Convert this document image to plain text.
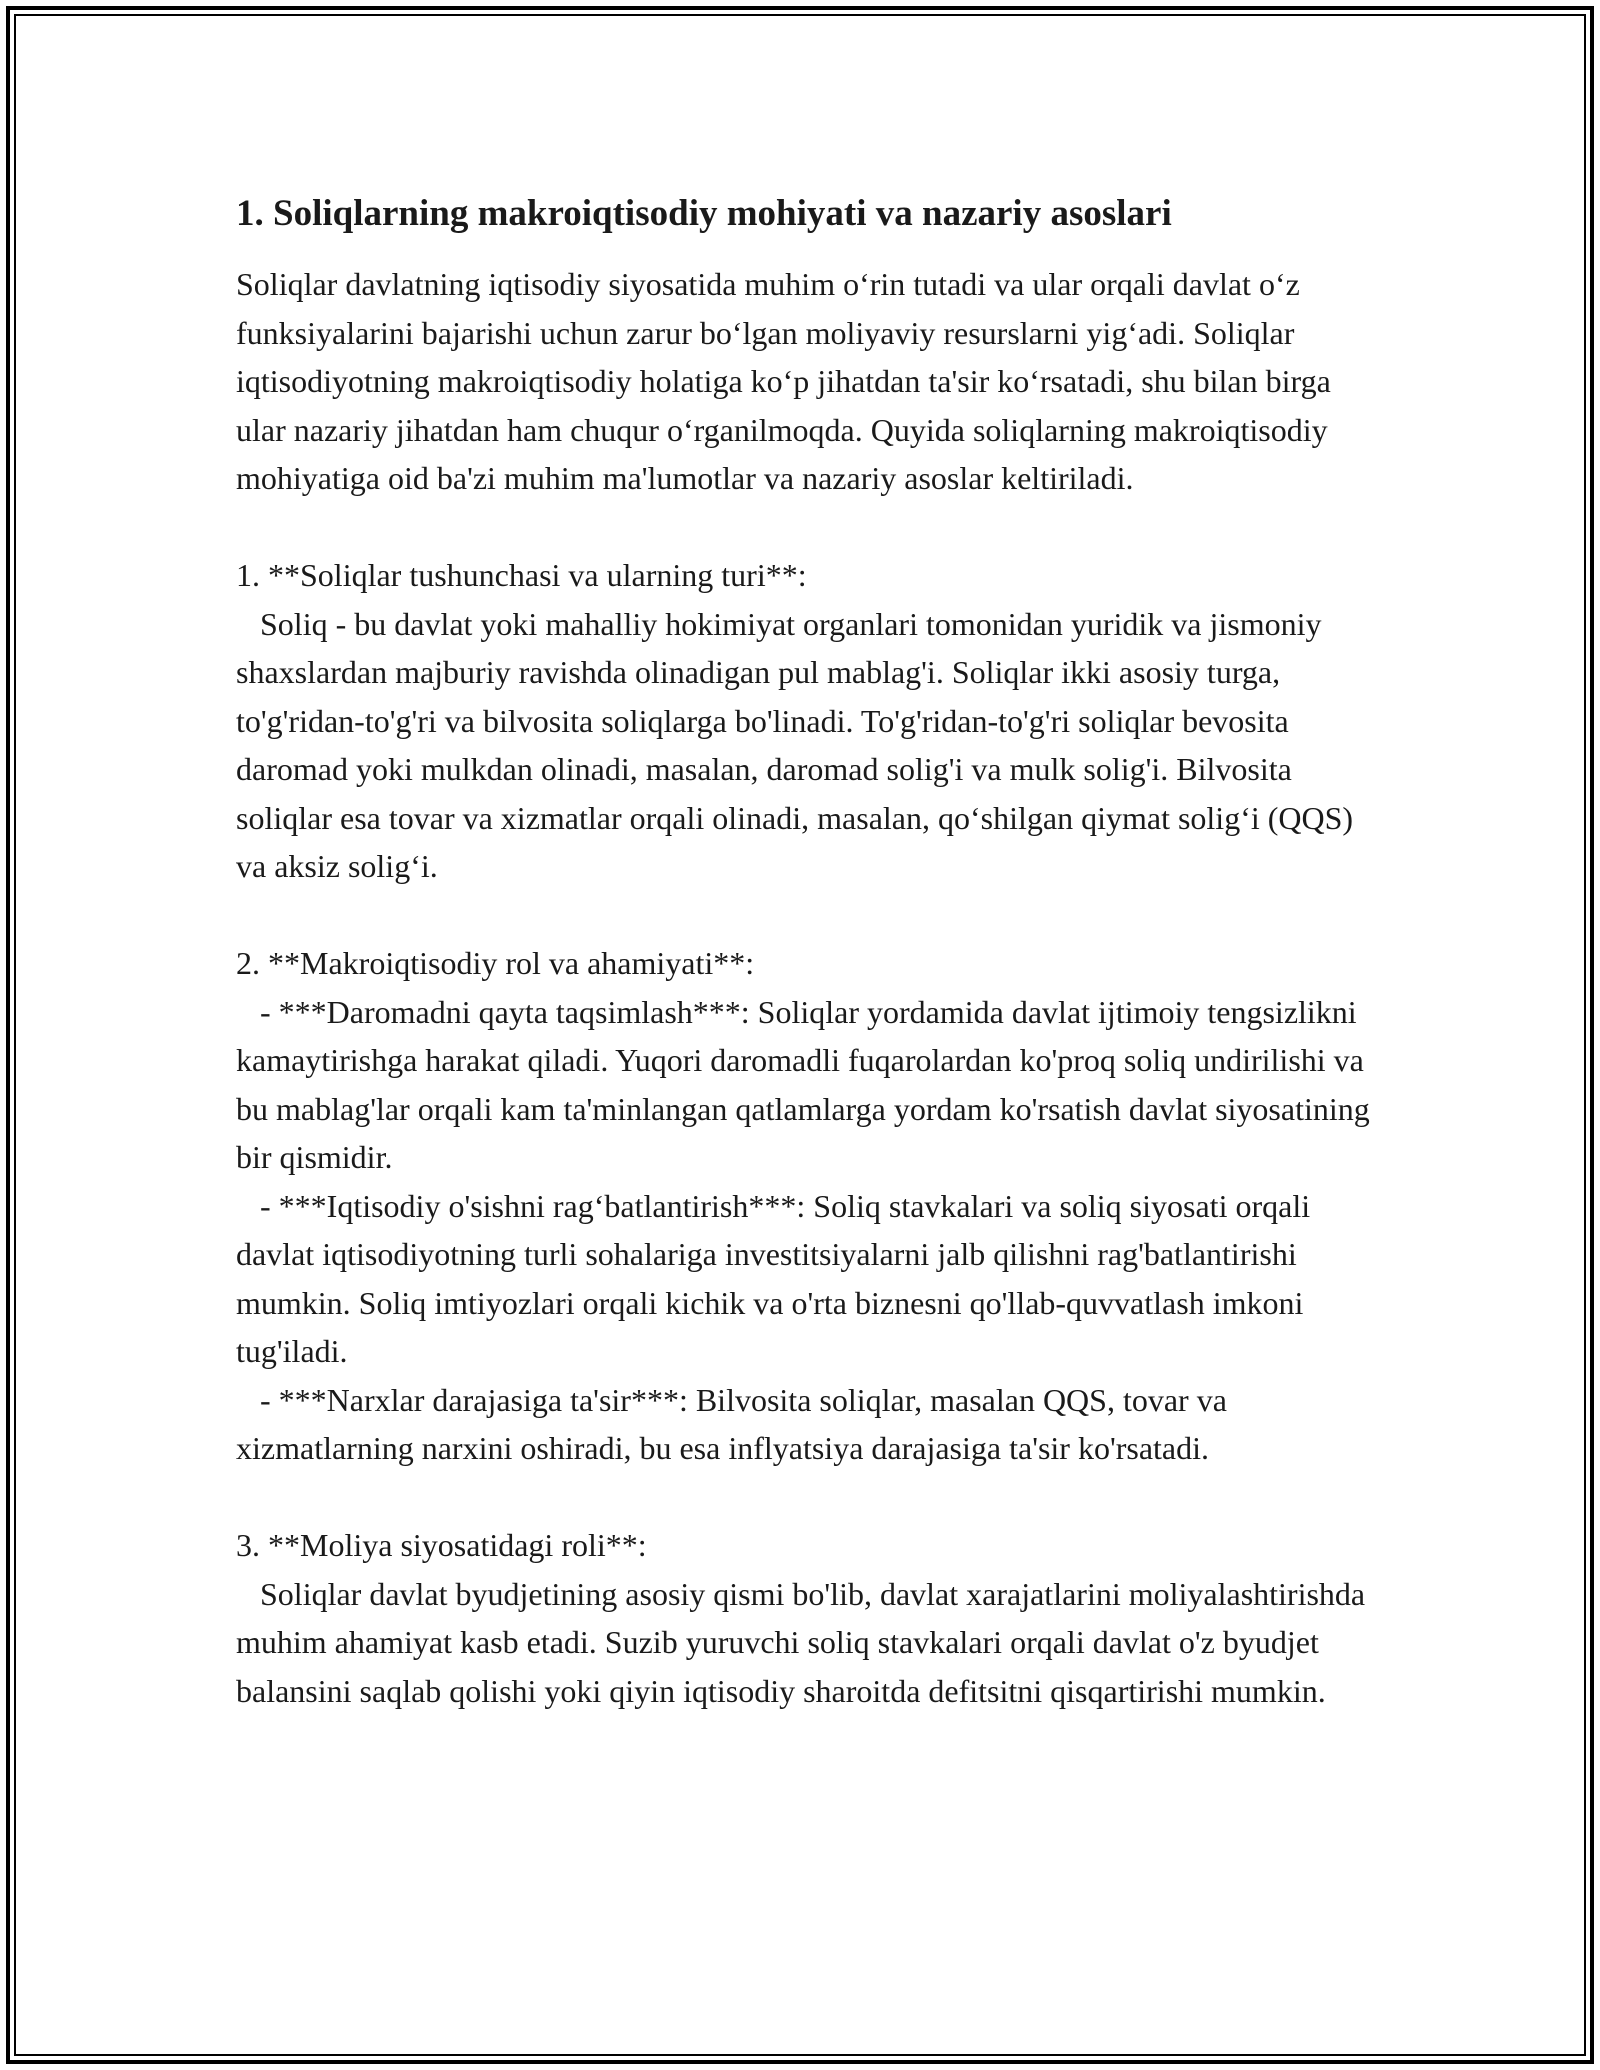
1. Soliqlarning makroiqtisodiy mohiyati va nazariy asoslari

Soliqlar davlatning iqtisodiy siyosatida muhim o‘rin tutadi va ular orqali davlat o‘z funksiyalarini bajarishi uchun zarur bo‘lgan moliyaviy resurslarni yig‘adi. Soliqlar iqtisodiyotning makroiqtisodiy holatiga ko‘p jihatdan ta'sir ko‘rsatadi, shu bilan birga ular nazariy jihatdan ham chuqur o‘rganilmoqda. Quyida soliqlarning makroiqtisodiy mohiyatiga oid ba'zi muhim ma'lumotlar va nazariy asoslar keltiriladi.

1. **Soliqlar tushunchasi va ularning turi**:

Soliq - bu davlat yoki mahalliy hokimiyat organlari tomonidan yuridik va jismoniy shaxslardan majburiy ravishda olinadigan pul mablag'i. Soliqlar ikki asosiy turga, to'g'ridan-to'g'ri va bilvosita soliqlarga bo'linadi. To'g'ridan-to'g'ri soliqlar bevosita daromad yoki mulkdan olinadi, masalan, daromad solig'i va mulk solig'i. Bilvosita soliqlar esa tovar va xizmatlar orqali olinadi, masalan, qo‘shilgan qiymat solig‘i (QQS) va aksiz solig‘i.

2. **Makroiqtisodiy rol va ahamiyati**:

- ***Daromadni qayta taqsimlash***: Soliqlar yordamida davlat ijtimoiy tengsizlikni kamaytirishga harakat qiladi. Yuqori daromadli fuqarolardan ko'proq soliq undirilishi va bu mablag'lar orqali kam ta'minlangan qatlamlarga yordam ko'rsatish davlat siyosatining bir qismidir.

- ***Iqtisodiy o'sishni rag‘batlantirish***: Soliq stavkalari va soliq siyosati orqali davlat iqtisodiyotning turli sohalariga investitsiyalarni jalb qilishni rag'batlantirishi mumkin. Soliq imtiyozlari orqali kichik va o'rta biznesni qo'llab-quvvatlash imkoni tug'iladi.

- ***Narxlar darajasiga ta'sir***: Bilvosita soliqlar, masalan QQS, tovar va xizmatlarning narxini oshiradi, bu esa inflyatsiya darajasiga ta'sir ko'rsatadi.

3. **Moliya siyosatidagi roli**:

Soliqlar davlat byudjetining asosiy qismi bo'lib, davlat xarajatlarini moliyalashtirishda muhim ahamiyat kasb etadi. Suzib yuruvchi soliq stavkalari orqali davlat o'z byudjet balansini saqlab qolishi yoki qiyin iqtisodiy sharoitda defitsitni qisqartirishi mumkin.
